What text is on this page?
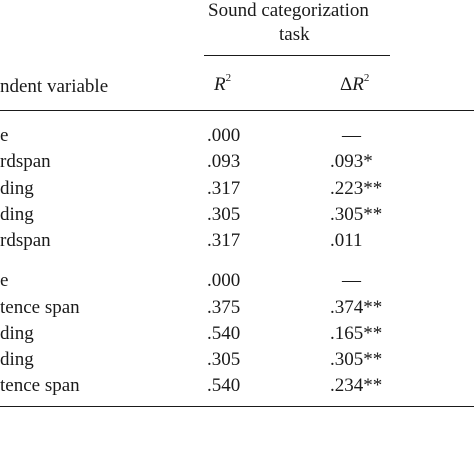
Sound categorization
task
ndent variable	$R^2$	$\Delta R^2$
e	.000	—
rdspan	.093	.093*
ding	.317	.223**
ding	.305	.305**
rdspan	.317	.011
e	.000	—
tence span	.375	.374**
ding	.540	.165**
ding	.305	.305**
tence span	.540	.234**
